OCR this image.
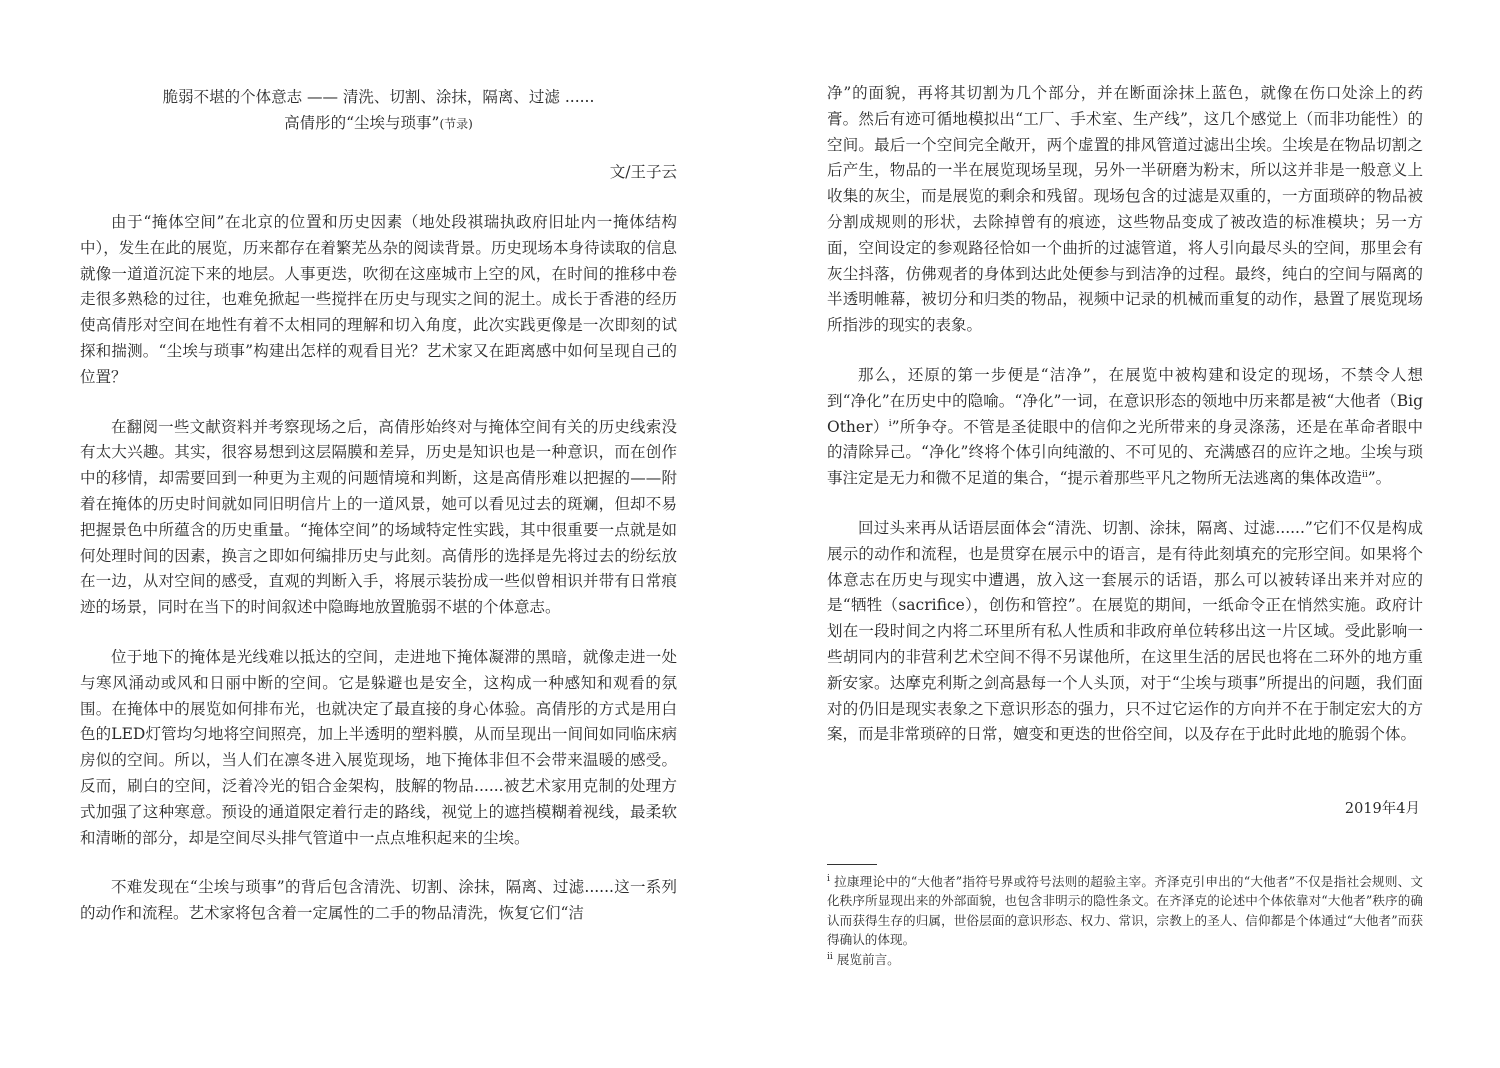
脆弱不堪的个体意志 —— 清洗、切割、涂抹，隔离、过滤 ......
高倩彤的“尘埃与琐事”(节录)
文/王子云

由于“掩体空间”在北京的位置和历史因素（地处段祺瑞执政府旧址内一掩体结构中），发生在此的展览，历来都存在着繁芜丛杂的阅读背景。历史现场本身待读取的信息就像一道道沉淀下来的地层。人事更迭，吹彻在这座城市上空的风，在时间的推移中卷走很多熟稔的过往，也难免掀起一些搅拌在历史与现实之间的泥土。成长于香港的经历使高倩彤对空间在地性有着不太相同的理解和切入角度，此次实践更像是一次即刻的试探和揣测。“尘埃与琐事”构建出怎样的观看目光？艺术家又在距离感中如何呈现自己的位置？

在翻阅一些文献资料并考察现场之后，高倩彤始终对与掩体空间有关的历史线索没有太大兴趣。其实，很容易想到这层隔膜和差异，历史是知识也是一种意识，而在创作中的移情，却需要回到一种更为主观的问题情境和判断，这是高倩彤难以把握的——附着在掩体的历史时间就如同旧明信片上的一道风景，她可以看见过去的斑斓，但却不易把握景色中所蕴含的历史重量。“掩体空间”的场域特定性实践，其中很重要一点就是如何处理时间的因素，换言之即如何编排历史与此刻。高倩彤的选择是先将过去的纷纭放在一边，从对空间的感受，直观的判断入手，将展示装扮成一些似曾相识并带有日常痕迹的场景，同时在当下的时间叙述中隐晦地放置脆弱不堪的个体意志。

位于地下的掩体是光线难以抵达的空间，走进地下掩体凝滞的黑暗，就像走进一处与寒风涌动或风和日丽中断的空间。它是躲避也是安全，这构成一种感知和观看的氛围。在掩体中的展览如何排布光，也就决定了最直接的身心体验。高倩彤的方式是用白色的LED灯管均匀地将空间照亮，加上半透明的塑料膜，从而呈现出一间间如同临床病房似的空间。所以，当人们在凛冬进入展览现场，地下掩体非但不会带来温暖的感受。反而，刷白的空间，泛着冷光的铝合金架构，肢解的物品......被艺术家用克制的处理方式加强了这种寒意。预设的通道限定着行走的路线，视觉上的遮挡模糊着视线，最柔软和清晰的部分，却是空间尽头排气管道中一点点堆积起来的尘埃。

不难发现在“尘埃与琐事”的背后包含清洗、切割、涂抹，隔离、过滤......这一系列的动作和流程。艺术家将包含着一定属性的二手的物品清洗，恢复它们“洁

净”的面貌，再将其切割为几个部分，并在断面涂抹上蓝色，就像在伤口处涂上的药膏。然后有迹可循地模拟出“工厂、手术室、生产线”，这几个感觉上（而非功能性）的空间。最后一个空间完全敞开，两个虚置的排风管道过滤出尘埃。尘埃是在物品切割之后产生，物品的一半在展览现场呈现，另外一半研磨为粉末，所以这并非是一般意义上收集的灰尘，而是展览的剩余和残留。现场包含的过滤是双重的，一方面琐碎的物品被分割成规则的形状，去除掉曾有的痕迹，这些物品变成了被改造的标准模块；另一方面，空间设定的参观路径恰如一个曲折的过滤管道，将人引向最尽头的空间，那里会有灰尘抖落，仿佛观者的身体到达此处便参与到洁净的过程。最终，纯白的空间与隔离的半透明帷幕，被切分和归类的物品，视频中记录的机械而重复的动作，悬置了展览现场所指涉的现实的表象。

那么，还原的第一步便是“洁净”，在展览中被构建和设定的现场，不禁令人想到“净化”在历史中的隐喻。“净化”一词，在意识形态的领地中历来都是被“大他者（Big Other）$^i$”所争夺。不管是圣徒眼中的信仰之光所带来的身灵涤荡，还是在革命者眼中的清除异己。“净化”终将个体引向纯澈的、不可见的、充满感召的应许之地。尘埃与琐事注定是无力和微不足道的集合，“提示着那些平凡之物所无法逃离的集体改造$^{ii}$”。

回过头来再从话语层面体会“清洗、切割、涂抹，隔离、过滤......”它们不仅是构成展示的动作和流程，也是贯穿在展示中的语言，是有待此刻填充的完形空间。如果将个体意志在历史与现实中遭遇，放入这一套展示的话语，那么可以被转译出来并对应的是“牺牲（sacrifice），创伤和管控”。在展览的期间，一纸命令正在悄然实施。政府计划在一段时间之内将二环里所有私人性质和非政府单位转移出这一片区域。受此影响一些胡同内的非营利艺术空间不得不另谋他所，在这里生活的居民也将在二环外的地方重新安家。达摩克利斯之剑高悬每一个人头顶，对于“尘埃与琐事”所提出的问题，我们面对的仍旧是现实表象之下意识形态的强力，只不过它运作的方向并不在于制定宏大的方案，而是非常琐碎的日常，嬗变和更迭的世俗空间，以及存在于此时此地的脆弱个体。

2019年4月

$^i$ 拉康理论中的“大他者”指符号界或符号法则的超验主宰。齐泽克引申出的“大他者”不仅是指社会规则、文化秩序所显现出来的外部面貌，也包含非明示的隐性条文。在齐泽克的论述中个体依靠对“大他者”秩序的确认而获得生存的归属，世俗层面的意识形态、权力、常识，宗教上的圣人、信仰都是个体通过“大他者”而获得确认的体现。

$^{ii}$ 展览前言。
